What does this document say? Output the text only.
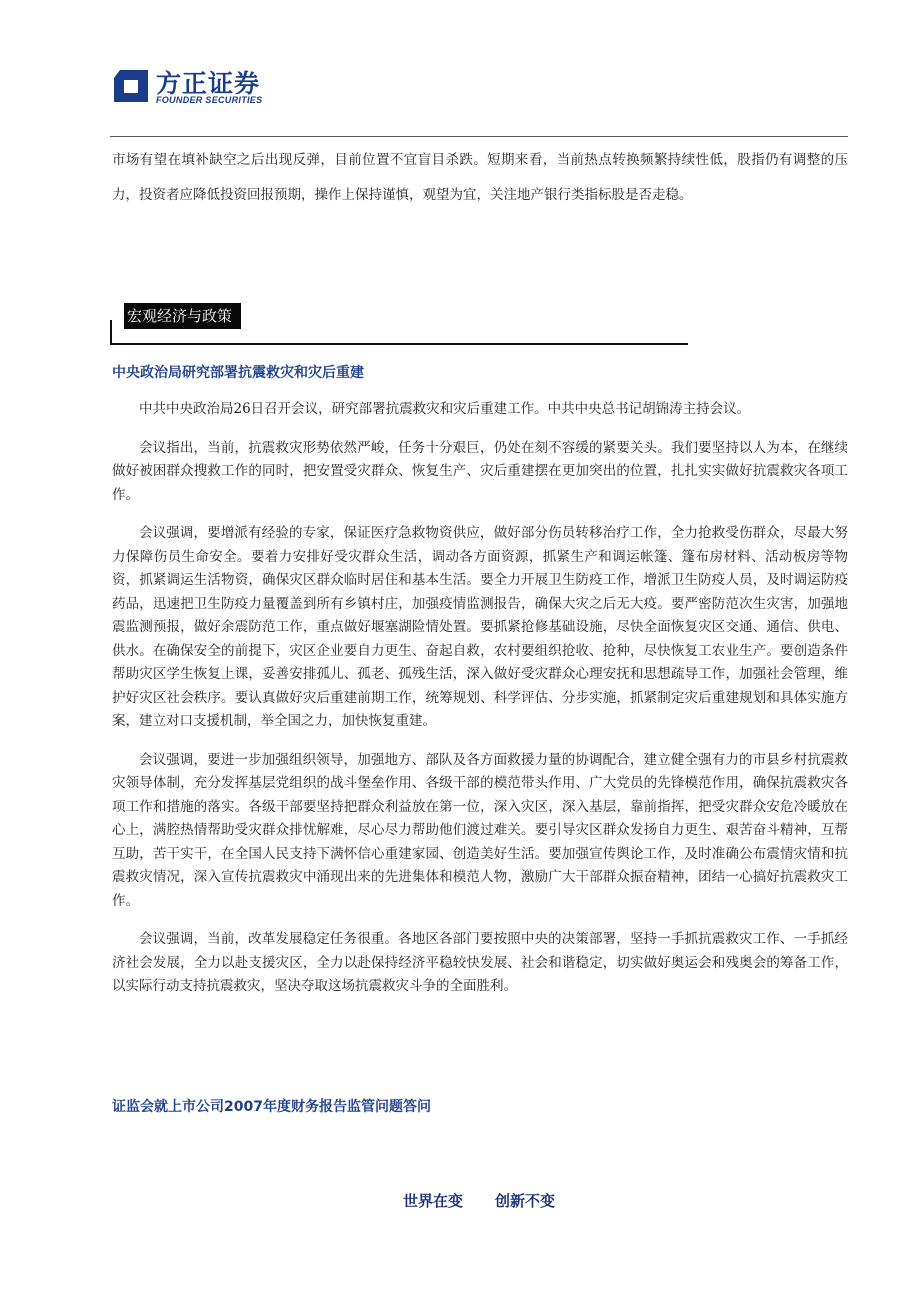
方正证券
FOUNDER SECURITIES

市场有望在填补缺空之后出现反弹，目前位置不宜盲目杀跌。短期来看，当前热点转换频繁持续性低，股指仍有调整的压力，投资者应降低投资回报预期，操作上保持谨慎，观望为宜，关注地产银行类指标股是否走稳。

宏观经济与政策
中央政治局研究部署抗震救灾和灾后重建

中共中央政治局26日召开会议，研究部署抗震救灾和灾后重建工作。中共中央总书记胡锦涛主持会议。

会议指出，当前，抗震救灾形势依然严峻，任务十分艰巨，仍处在刻不容缓的紧要关头。我们要坚持以人为本，在继续做好被困群众搜救工作的同时，把安置受灾群众、恢复生产、灾后重建摆在更加突出的位置，扎扎实实做好抗震救灾各项工作。

会议强调，要增派有经验的专家，保证医疗急救物资供应，做好部分伤员转移治疗工作，全力抢救受伤群众，尽最大努力保障伤员生命安全。要着力安排好受灾群众生活，调动各方面资源，抓紧生产和调运帐篷、篷布房材料、活动板房等物资，抓紧调运生活物资，确保灾区群众临时居住和基本生活。要全力开展卫生防疫工作，增派卫生防疫人员，及时调运防疫药品，迅速把卫生防疫力量覆盖到所有乡镇村庄，加强疫情监测报告，确保大灾之后无大疫。要严密防范次生灾害，加强地震监测预报，做好余震防范工作，重点做好堰塞湖险情处置。要抓紧抢修基础设施，尽快全面恢复灾区交通、通信、供电、供水。在确保安全的前提下，灾区企业要自力更生、奋起自救，农村要组织抢收、抢种，尽快恢复工农业生产。要创造条件帮助灾区学生恢复上课，妥善安排孤儿、孤老、孤残生活，深入做好受灾群众心理安抚和思想疏导工作，加强社会管理，维护好灾区社会秩序。要认真做好灾后重建前期工作，统筹规划、科学评估、分步实施，抓紧制定灾后重建规划和具体实施方案，建立对口支援机制，举全国之力，加快恢复重建。

会议强调，要进一步加强组织领导，加强地方、部队及各方面救援力量的协调配合，建立健全强有力的市县乡村抗震救灾领导体制，充分发挥基层党组织的战斗堡垒作用、各级干部的模范带头作用、广大党员的先锋模范作用，确保抗震救灾各项工作和措施的落实。各级干部要坚持把群众利益放在第一位，深入灾区，深入基层，靠前指挥，把受灾群众安危冷暖放在心上，满腔热情帮助受灾群众排忧解难，尽心尽力帮助他们渡过难关。要引导灾区群众发扬自力更生、艰苦奋斗精神，互帮互助，苦干实干，在全国人民支持下满怀信心重建家园、创造美好生活。要加强宣传舆论工作，及时准确公布震情灾情和抗震救灾情况，深入宣传抗震救灾中涌现出来的先进集体和模范人物，激励广大干部群众振奋精神，团结一心搞好抗震救灾工作。

会议强调，当前，改革发展稳定任务很重。各地区各部门要按照中央的决策部署，坚持一手抓抗震救灾工作、一手抓经济社会发展，全力以赴支援灾区，全力以赴保持经济平稳较快发展、社会和谐稳定，切实做好奥运会和残奥会的筹备工作，以实际行动支持抗震救灾，坚决夺取这场抗震救灾斗争的全面胜利。

证监会就上市公司2007年度财务报告监管问题答问
世界在变 创新不变
